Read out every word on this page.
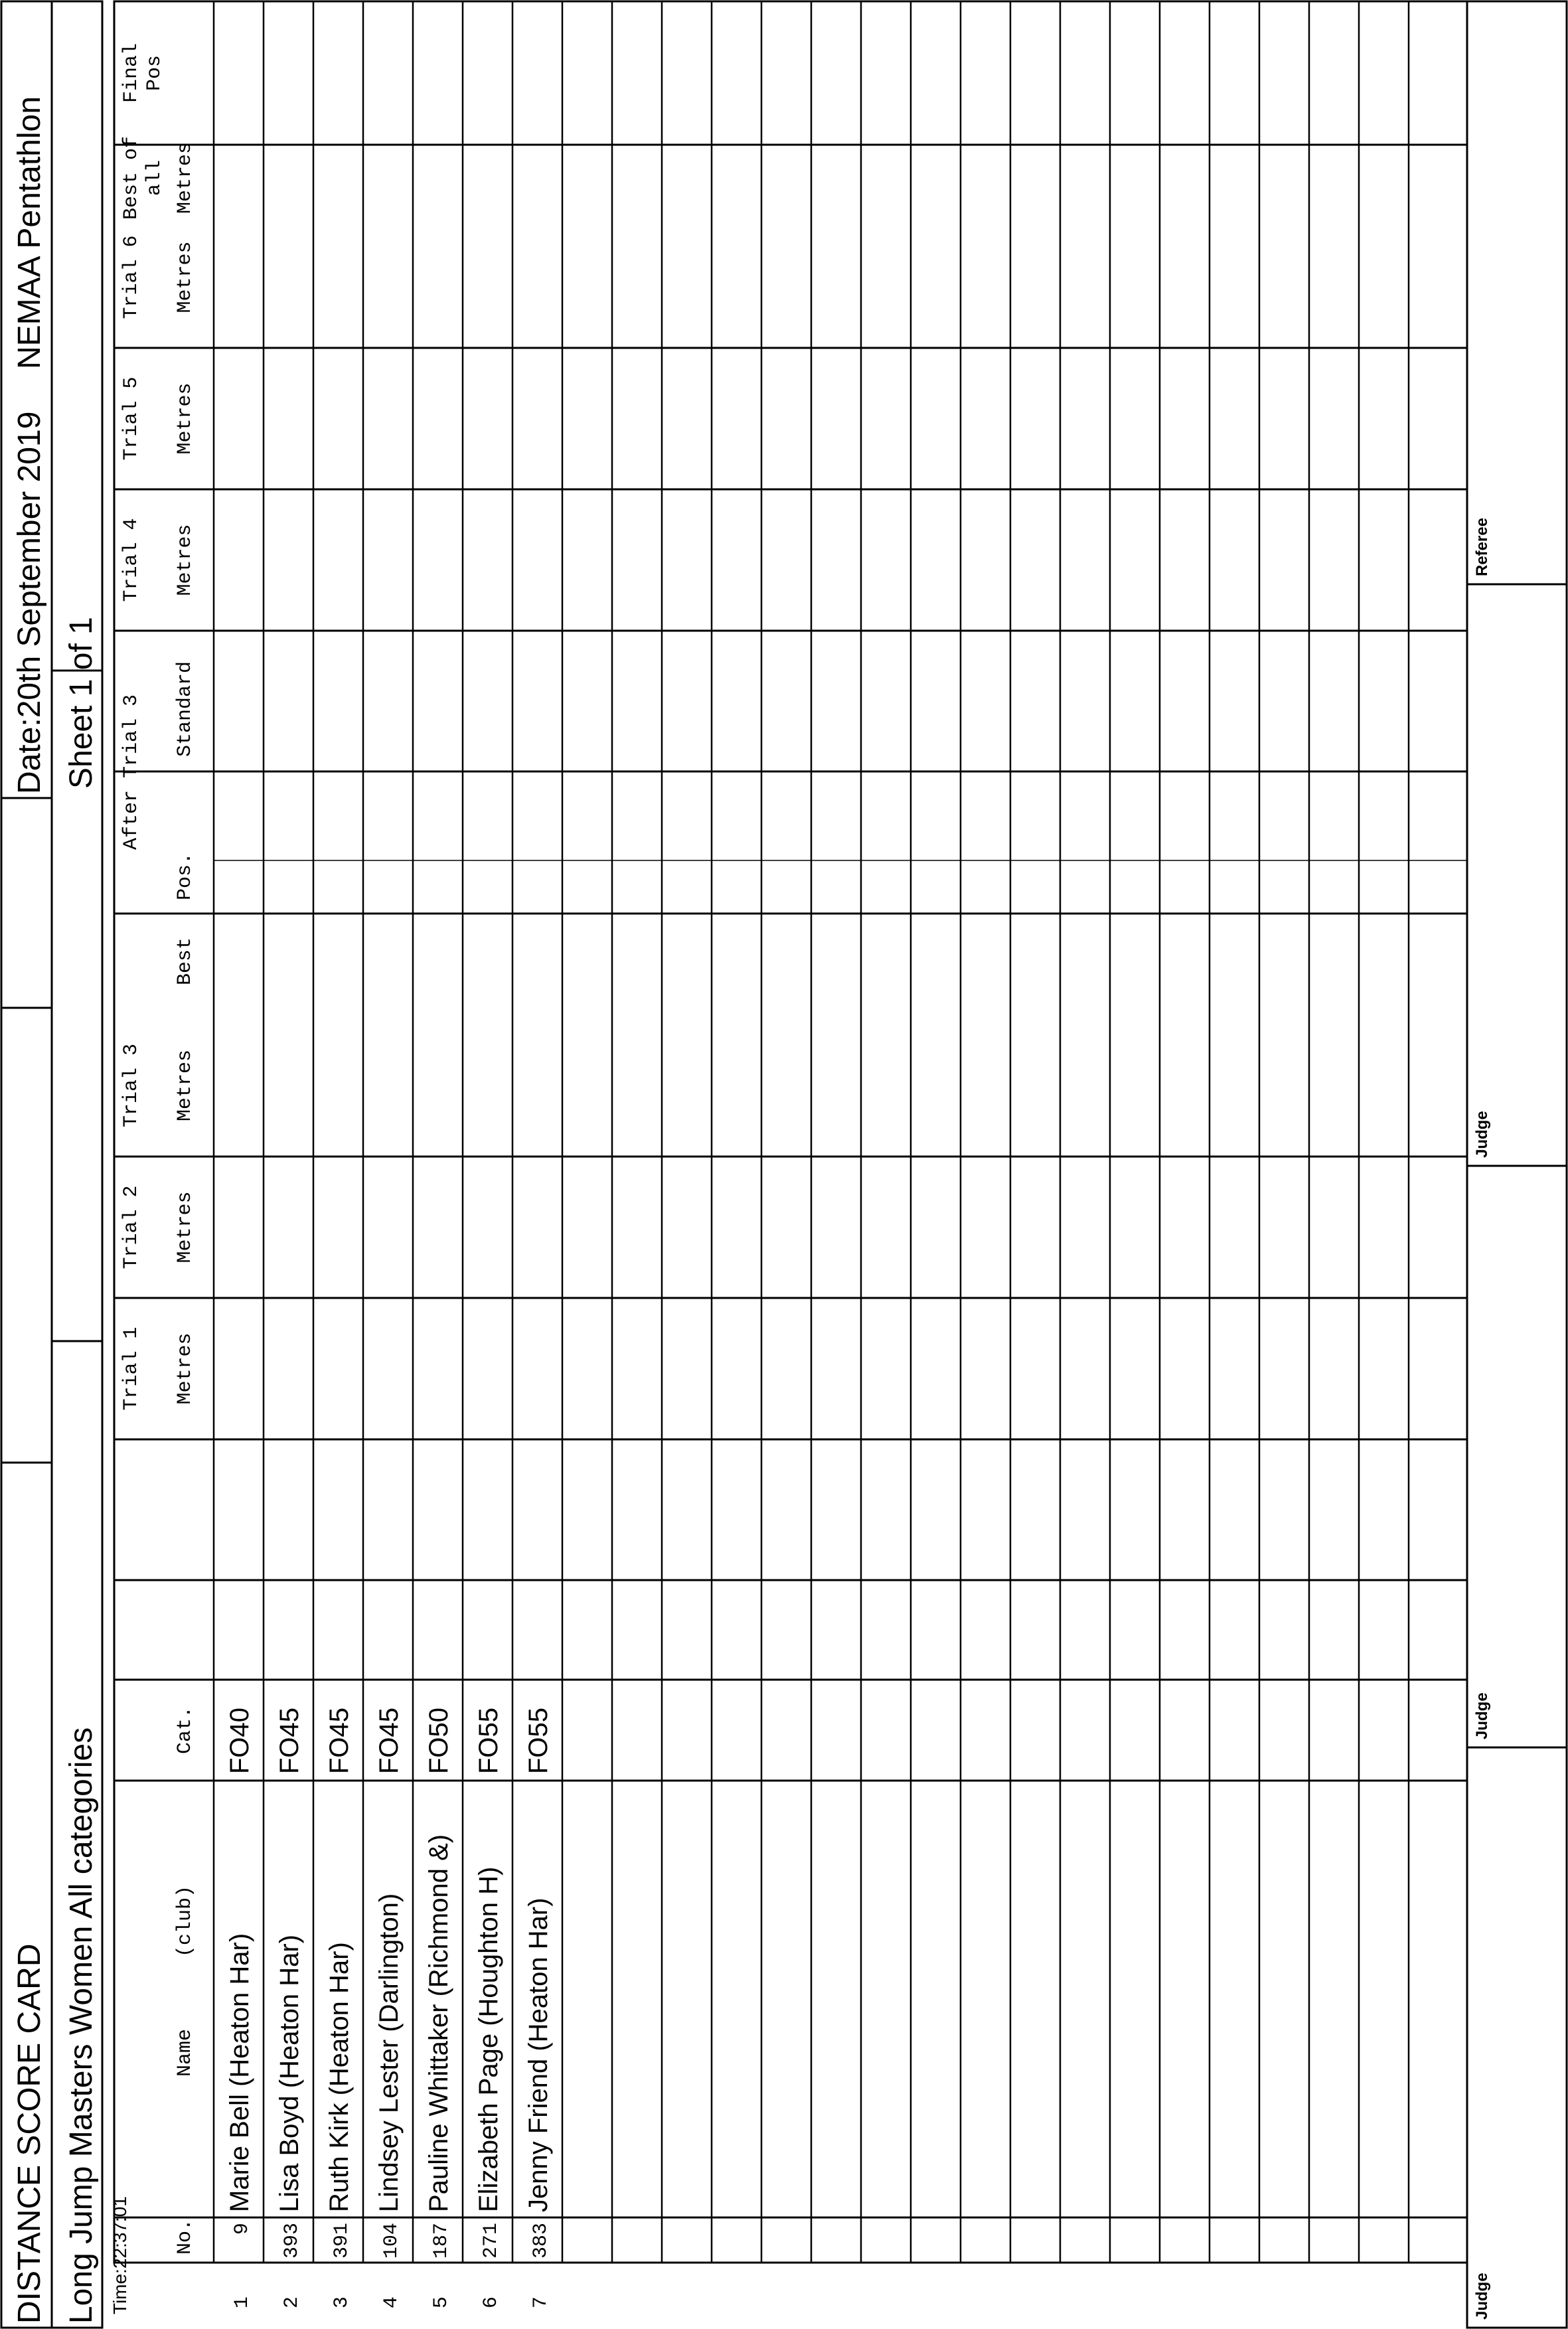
DISTANCE SCORE CARD
Date:20th September 2019
NEMAA Pentathlon
Long Jump Masters Women All categories
Sheet 1 of 1
Time:22:37:01 No.
Name
(club)
Cat.
Trial 1 Metres
Trial 2 Metres
Trial 3 Metres
Trial 4 Metres
Trial 5 Metres
Trial 6 Metres
After Trial 3
Best
Pos.
Standard
Best of all Metres
Final Pos
1
9
Marie Bell (Heaton Har)
FO40
2
393
Lisa Boyd (Heaton Har)
FO45
3
391
Ruth Kirk (Heaton Har)
FO45
4
104
Lindsey Lester (Darlington)
FO45
5
187
Pauline Whittaker (Richmond &)
FO50
6
271
Elizabeth Page (Houghton H)
FO55
7
383
Jenny Friend (Heaton Har)
FO55
Judge
Judge
Judge
Referee
